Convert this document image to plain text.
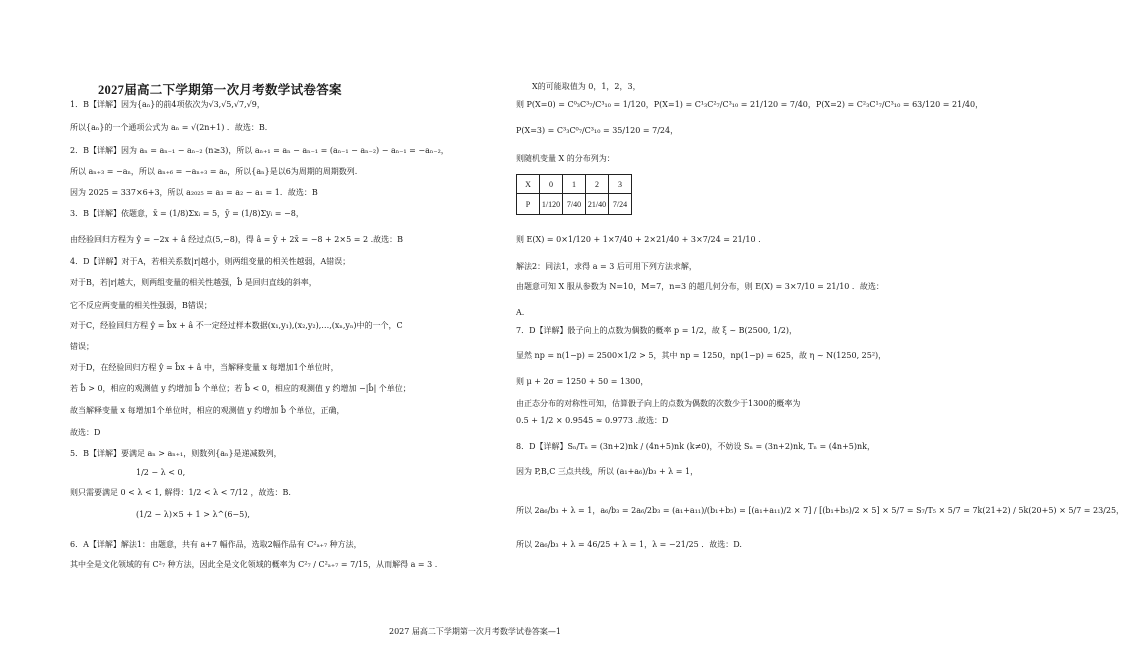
2027届高二下学期第一次月考数学试卷答案
1．B【详解】因为{aₙ}的前4项依次为√3,√5,√7,√9，
所以{aₙ}的一个通项公式为 aₙ = √(2n+1) ．故选：B．
2．B【详解】因为 aₙ = aₙ₋₁ − aₙ₋₂ (n≥3)，所以 aₙ₊₁ = aₙ − aₙ₋₁ = (aₙ₋₁ − aₙ₋₂) − aₙ₋₁ = −aₙ₋₂，
所以 aₙ₊₃ = −aₙ，所以 aₙ₊₆ = −aₙ₊₃ = aₙ，所以{aₙ}是以6为周期的周期数列.
因为 2025 = 337×6+3，所以 a₂₀₂₅ = a₃ = a₂ − a₁ = 1．故选：B
3．B【详解】依题意，x̄ = (1/8)Σxᵢ = 5，ȳ = (1/8)Σyᵢ = −8，
由经验回归方程为 ŷ = −2x + â 经过点(5,−8)，得 â = ȳ + 2x̄ = −8 + 2×5 = 2 .故选：B
4．D【详解】对于A，若相关系数|r|越小，则两组变量的相关性越弱，A错误；
对于B，若|r|越大，则两组变量的相关性越强，b̂ 是回归直线的斜率，
它不反应两变量的相关性强弱，B错误；
对于C，经验回归方程 ŷ = b̂x + â 不一定经过样本数据(x₁,y₁),(x₂,y₂),…,(xₙ,yₙ)中的一个，C
错误；
对于D，在经验回归方程 ŷ = b̂x + â 中，当解释变量 x 每增加1个单位时，
若 b̂ > 0，相应的观测值 y 约增加 b̂ 个单位；若 b̂ < 0，相应的观测值 y 约增加 −|b̂| 个单位；
故当解释变量 x 每增加1个单位时，相应的观测值 y 约增加 b̂ 个单位，正确，
故选：D
5．B【详解】要满足 aₙ > aₙ₊₁，则数列{aₙ}是递减数列，
1/2 − λ < 0,
则只需要满足 0 < λ < 1, 解得：1/2 < λ < 7/12 ，故选：B.
(1/2 − λ)×5 + 1 > λ^(6−5),
6．A【详解】解法1：由题意，共有 a+7 幅作品，选取2幅作品有 C²ₐ₊₇ 种方法，
其中全是文化领域的有 C²₇ 种方法，因此全是文化领域的概率为 C²₇ / C²ₐ₊₇ = 7/15，从而解得 a = 3 .
X的可能取值为 0，1，2，3，
则 P(X=0) = C⁰₃C³₇/C³₁₀ = 1/120，P(X=1) = C¹₃C²₇/C³₁₀ = 21/120 = 7/40，P(X=2) = C²₃C¹₇/C³₁₀ = 63/120 = 21/40，
P(X=3) = C³₃C⁰₇/C³₁₀ = 35/120 = 7/24，
则随机变量 X 的分布列为：
则 E(X) = 0×1/120 + 1×7/40 + 2×21/40 + 3×7/24 = 21/10 .
解法2：同法1，求得 a = 3 后可用下列方法求解，
由题意可知 X 服从参数为 N=10，M=7，n=3 的超几何分布，则 E(X) = 3×7/10 = 21/10 ．故选：
A.
7．D【详解】骰子向上的点数为偶数的概率 p = 1/2，故 ξ ~ B(2500, 1/2)，
显然 np = n(1−p) = 2500×1/2 > 5，其中 np = 1250，np(1−p) = 625，故 η ~ N(1250, 25²)，
则 μ + 2σ = 1250 + 50 = 1300，
由正态分布的对称性可知，估算骰子向上的点数为偶数的次数少于1300的概率为
0.5 + 1/2 × 0.9545 ≈ 0.9773 .故选：D
8．D【详解】Sₙ/Tₙ = (3n+2)nk / (4n+5)nk (k≠0)，不妨设 Sₙ = (3n+2)nk, Tₙ = (4n+5)nk，
因为 P,B,C 三点共线，所以 (a₁+a₆)/b₃ + λ = 1，
所以 2a₆/b₃ + λ = 1，a₆/b₃ = 2a₆/2b₃ = (a₁+a₁₁)/(b₁+b₅) = [(a₁+a₁₁)/2 × 7] / [(b₁+b₅)/2 × 5] × 5/7 = S₇/T₅ × 5/7 = 7k(21+2) / 5k(20+5) × 5/7 = 23/25，
所以 2a₆/b₃ + λ = 46/25 + λ = 1，λ = −21/25 ．故选：D.
X	0	1	2	3
P	1/120	7/40	21/40	7/24
2027 届高二下学期第一次月考数学试卷答案—1
